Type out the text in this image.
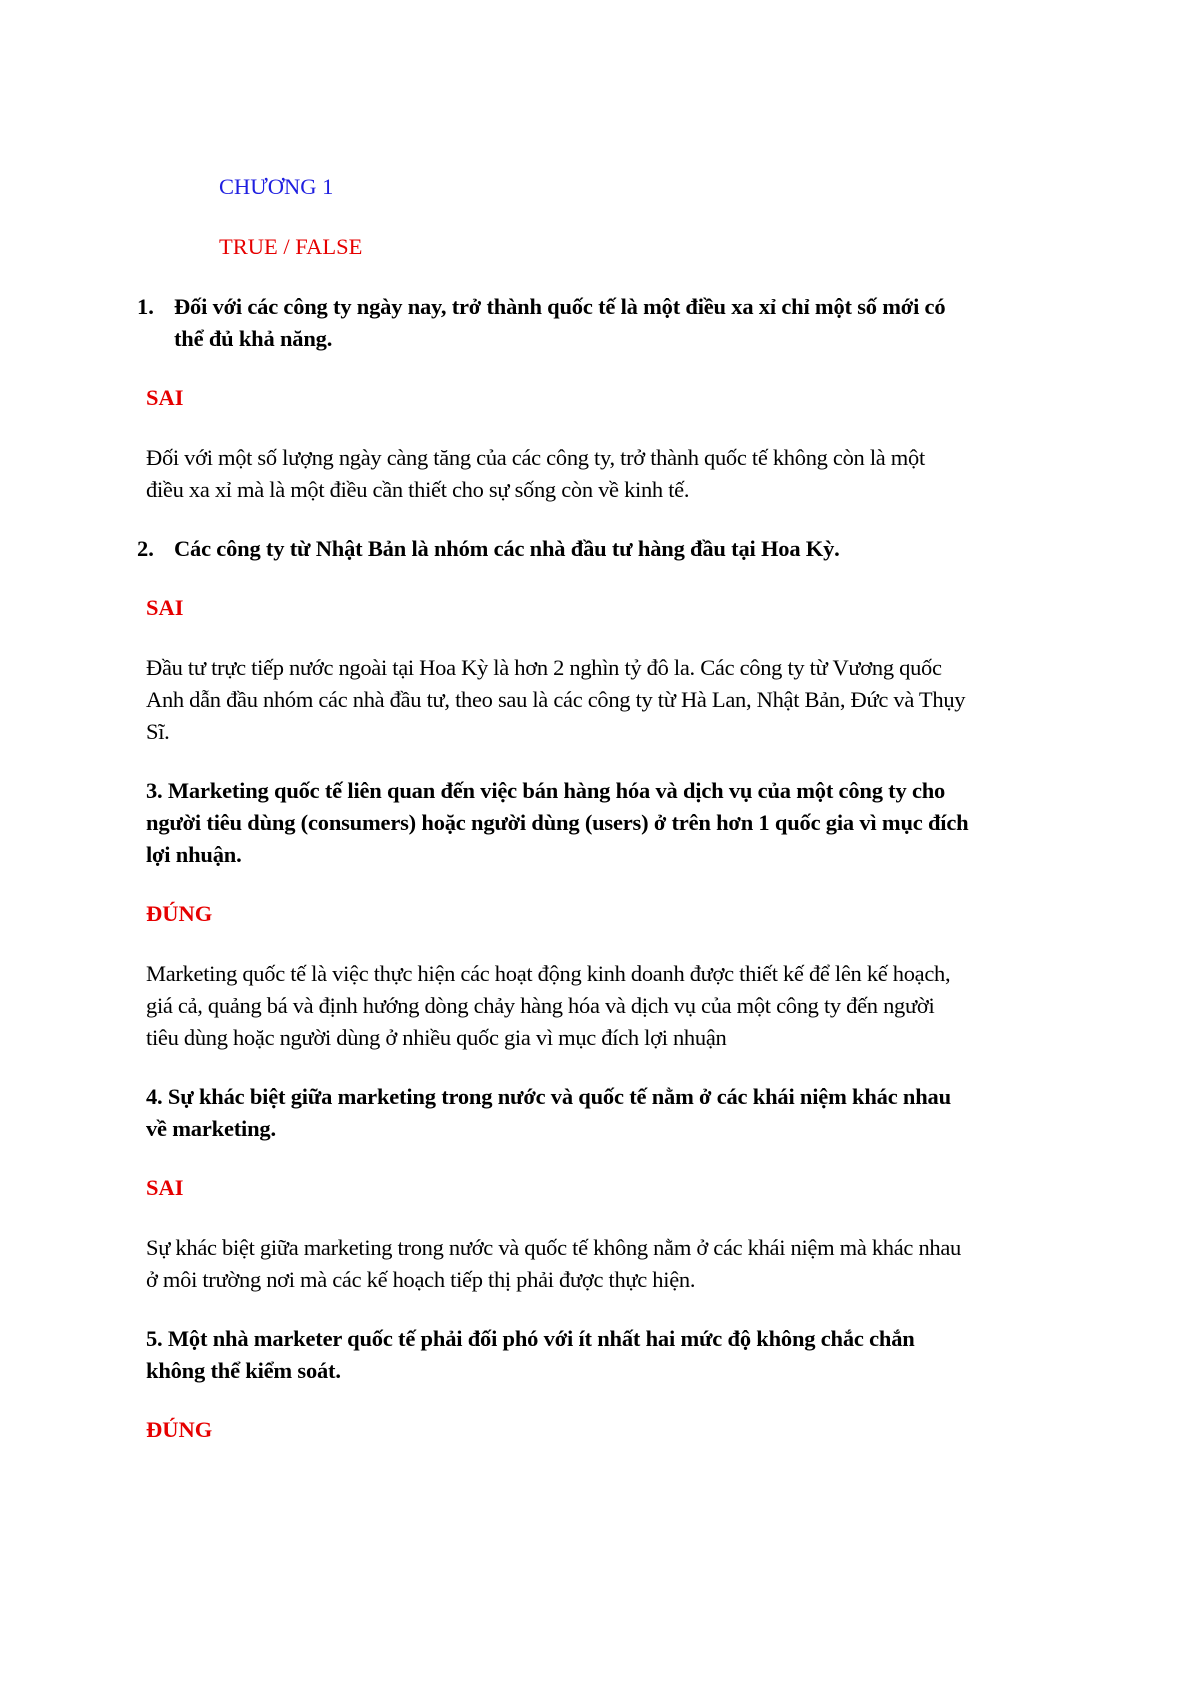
CHƯƠNG 1
TRUE / FALSE
1. Đối với các công ty ngày nay, trở thành quốc tế là một điều xa xỉ chỉ một số mới có
thể đủ khả năng.
SAI
Đối với một số lượng ngày càng tăng của các công ty, trở thành quốc tế không còn là một
điều xa xỉ mà là một điều cần thiết cho sự sống còn về kinh tế.
2. Các công ty từ Nhật Bản là nhóm các nhà đầu tư hàng đầu tại Hoa Kỳ.
SAI
Đầu tư trực tiếp nước ngoài tại Hoa Kỳ là hơn 2 nghìn tỷ đô la. Các công ty từ Vương quốc
Anh dẫn đầu nhóm các nhà đầu tư, theo sau là các công ty từ Hà Lan, Nhật Bản, Đức và Thụy
Sĩ.
3. Marketing quốc tế liên quan đến việc bán hàng hóa và dịch vụ của một công ty cho
người tiêu dùng (consumers) hoặc người dùng (users) ở trên hơn 1 quốc gia vì mục đích
lợi nhuận.
ĐÚNG
Marketing quốc tế là việc thực hiện các hoạt động kinh doanh được thiết kế để lên kế hoạch,
giá cả, quảng bá và định hướng dòng chảy hàng hóa và dịch vụ của một công ty đến người
tiêu dùng hoặc người dùng ở nhiều quốc gia vì mục đích lợi nhuận
4. Sự khác biệt giữa marketing trong nước và quốc tế nằm ở các khái niệm khác nhau
về marketing.
SAI
Sự khác biệt giữa marketing trong nước và quốc tế không nằm ở các khái niệm mà khác nhau
ở môi trường nơi mà các kế hoạch tiếp thị phải được thực hiện.
5. Một nhà marketer quốc tế phải đối phó với ít nhất hai mức độ không chắc chắn
không thể kiểm soát.
ĐÚNG
